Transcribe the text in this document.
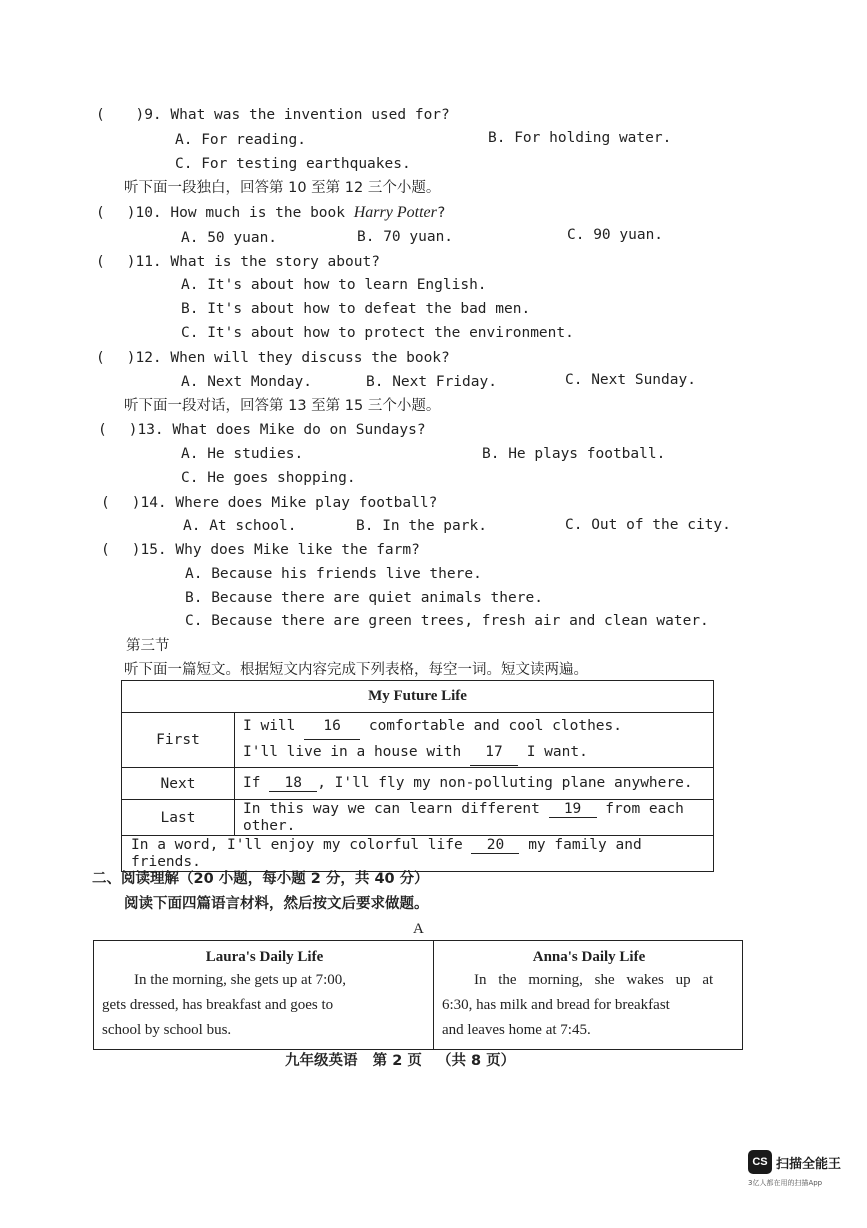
( )9. What was the invention used for?
A. For reading.	B. For holding water.
C. For testing earthquakes.
听下面一段独白，回答第 10 至第 12 三个小题。
( )10. How much is the book Harry Potter?
A. 50 yuan.	B. 70 yuan.	C. 90 yuan.
( )11. What is the story about?
A. It's about how to learn English.
B. It's about how to defeat the bad men.
C. It's about how to protect the environment.
( )12. When will they discuss the book?
A. Next Monday.	B. Next Friday.	C. Next Sunday.
听下面一段对话，回答第 13 至第 15 三个小题。
( )13. What does Mike do on Sundays?
A. He studies.	B. He plays football.
C. He goes shopping.
( )14. Where does Mike play football?
A. At school.	B. In the park.	C. Out of the city.
( )15. Why does Mike like the farm?
A. Because his friends live there.
B. Because there are quiet animals there.
C. Because there are green trees, fresh air and clean water.
第三节
听下面一篇短文。根据短文内容完成下列表格，每空一词。短文读两遍。
My Future Life	
First	I will 16 comfortable and cool clothes.
I'll live in a house with 17 I want.

Next	If 18 , I'll fly my non-polluting plane anywhere.
Last	In this way we can learn different 19 from each other.
In a word, I'll enjoy my colorful life 20 my family and friends.	
二、阅读理解（20 小题，每小题 2 分，共 40 分）
阅读下面四篇语言材料，然后按文后要求做题。
A
Laura's Daily Life
In the morning, she gets up at 7:00,
gets dressed, has breakfast and goes to
school by school bus.

Anna's Daily Life
In the morning, she wakes up at
6:30, has milk and bread for breakfast
and leaves home at 7:45.
九年级英语   第 2 页   （共 8 页）
CS 扫描全能王
3亿人都在用的扫描App
